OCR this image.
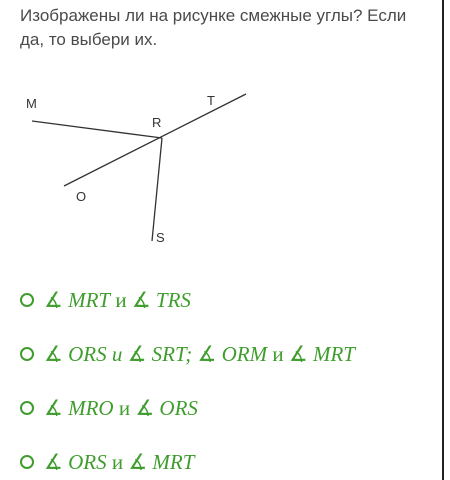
Изображены ли на рисунке смежные углы? Если да, то выбери их.

M	T
R
O
S
∡ MRT и ∡ TRS
∡ ORS и ∡ SRT; ∡ ORM и ∡ MRT
∡ MRO и ∡ ORS
∡ ORS и ∡ MRT
